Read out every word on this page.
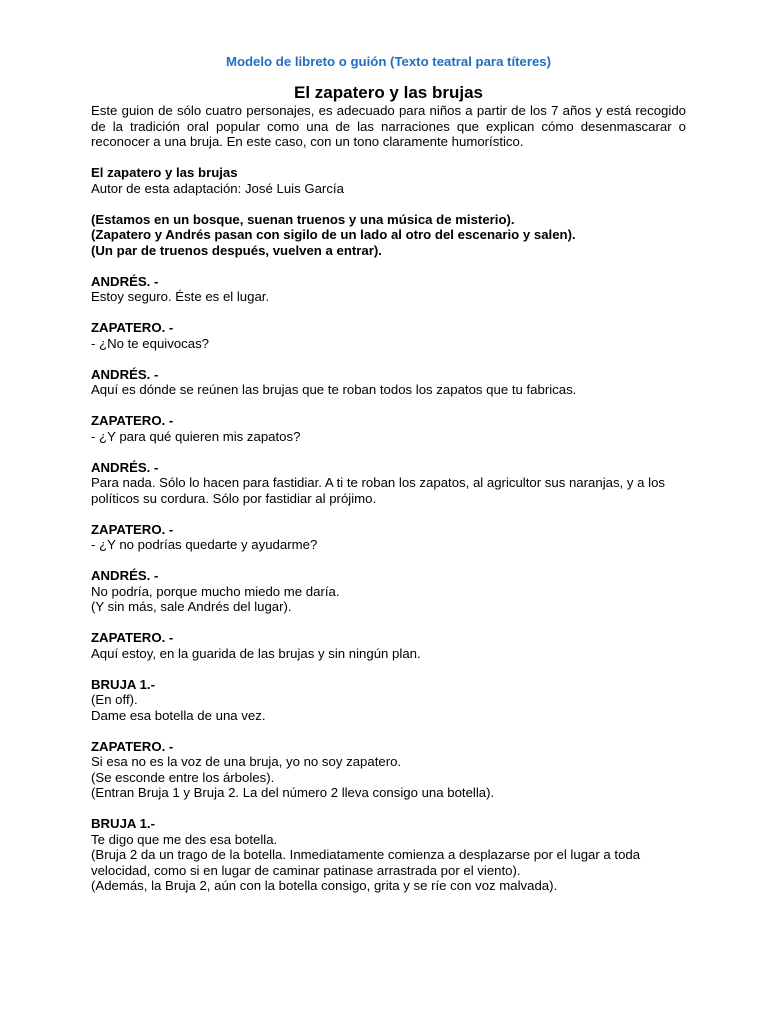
Modelo de libreto o guión (Texto teatral para títeres)

El zapatero y las brujas

Este guion de sólo cuatro personajes, es adecuado para niños a partir de los 7 años y está recogido de la tradición oral popular como una de las narraciones que explican cómo desenmascarar o reconocer a una bruja. En este caso, con un tono claramente humorístico.

El zapatero y las brujas
Autor de esta adaptación: José Luis García
(Estamos en un bosque, suenan truenos y una música de misterio).
(Zapatero y Andrés pasan con sigilo de un lado al otro del escenario y salen).
(Un par de truenos después, vuelven a entrar).
ANDRÉS. -
Estoy seguro. Éste es el lugar.
ZAPATERO. -
- ¿No te equivocas?
ANDRÉS. -
Aquí es dónde se reúnen las brujas que te roban todos los zapatos que tu fabricas.
ZAPATERO. -
- ¿Y para qué quieren mis zapatos?
ANDRÉS. -
Para nada. Sólo lo hacen para fastidiar. A ti te roban los zapatos, al agricultor sus naranjas, y a los políticos su cordura. Sólo por fastidiar al prójimo.
ZAPATERO. -
- ¿Y no podrías quedarte y ayudarme?
ANDRÉS. -
No podría, porque mucho miedo me daría.
(Y sin más, sale Andrés del lugar).
ZAPATERO. -
Aquí estoy, en la guarida de las brujas y sin ningún plan.
BRUJA 1.-
(En off).
Dame esa botella de una vez.
ZAPATERO. -
Si esa no es la voz de una bruja, yo no soy zapatero.
(Se esconde entre los árboles).
(Entran Bruja 1 y Bruja 2. La del número 2 lleva consigo una botella).
BRUJA 1.-
Te digo que me des esa botella.
(Bruja 2 da un trago de la botella. Inmediatamente comienza a desplazarse por el lugar a toda velocidad, como si en lugar de caminar patinase arrastrada por el viento).
(Además, la Bruja 2, aún con la botella consigo, grita y se ríe con voz malvada).
